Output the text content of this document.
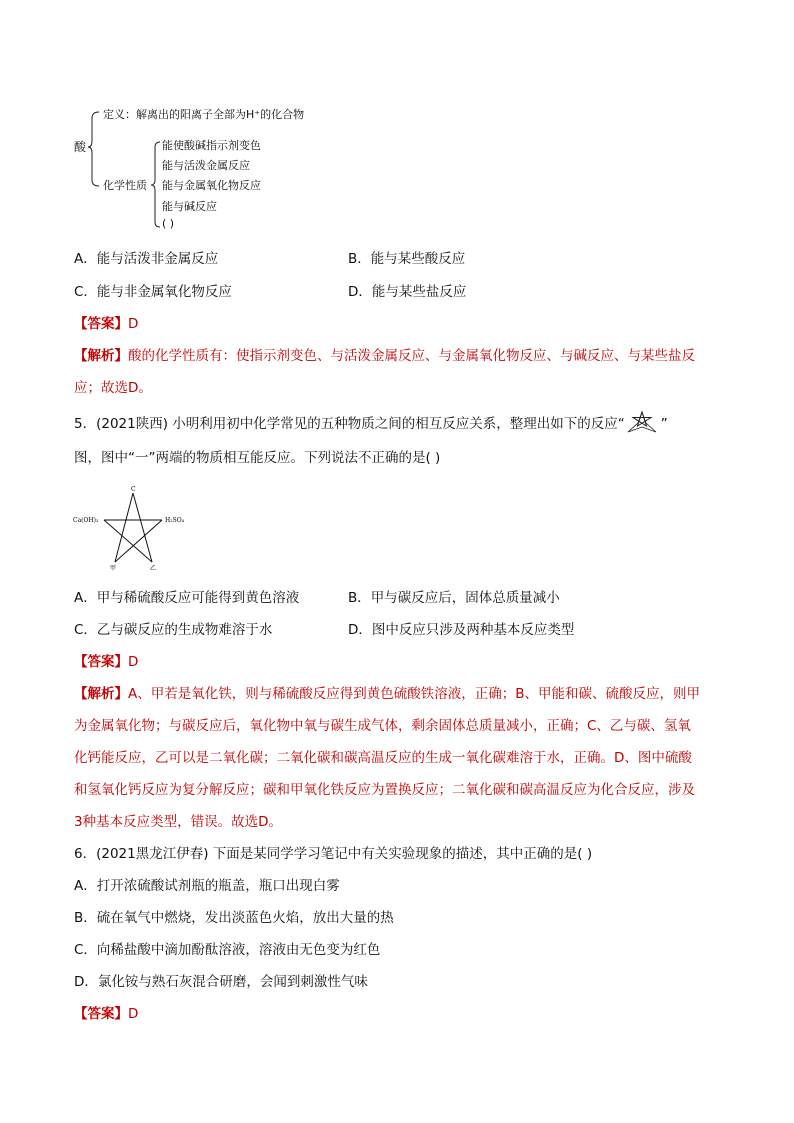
酸
定义：解离出的阳离子全部为H⁺的化合物
化学性质
能使酸碱指示剂变色
能与活泼金属反应
能与金属氧化物反应
能与碱反应
( )
A．能与活泼非金属反应	B．能与某些酸反应
C．能与非金属氧化物反应	D．能与某些盐反应
【答案】D
【解析】酸的化学性质有：使指示剂变色、与活泼金属反应、与金属氧化物反应、与碱反应、与某些盐反
应；故选D。
5．(2021陕西) 小明利用初中化学常见的五种物质之间的相互反应关系，整理出如下的反应“	”
图，图中“一”两端的物质相互能反应。下列说法不正确的是( )
C
Ca(OH)₂	H₂SO₄
甲	乙
A．甲与稀硫酸反应可能得到黄色溶液	B．甲与碳反应后，固体总质量减小
C．乙与碳反应的生成物难溶于水	D．图中反应只涉及两种基本反应类型
【答案】D
【解析】A、甲若是氧化铁，则与稀硫酸反应得到黄色硫酸铁溶液，正确；B、甲能和碳、硫酸反应，则甲
为金属氧化物；与碳反应后，氧化物中氧与碳生成气体，剩余固体总质量减小，正确；C、乙与碳、氢氧
化钙能反应，乙可以是二氧化碳；二氧化碳和碳高温反应的生成一氧化碳难溶于水，正确。D、图中硫酸
和氢氧化钙反应为复分解反应；碳和甲氧化铁反应为置换反应；二氧化碳和碳高温反应为化合反应，涉及
3种基本反应类型，错误。故选D。
6．(2021黑龙江伊春) 下面是某同学学习笔记中有关实验现象的描述，其中正确的是( )
A．打开浓硫酸试剂瓶的瓶盖，瓶口出现白雾
B．硫在氧气中燃烧，发出淡蓝色火焰，放出大量的热
C．向稀盐酸中滴加酚酞溶液，溶液由无色变为红色
D．氯化铵与熟石灰混合研磨，会闻到刺激性气味
【答案】D
